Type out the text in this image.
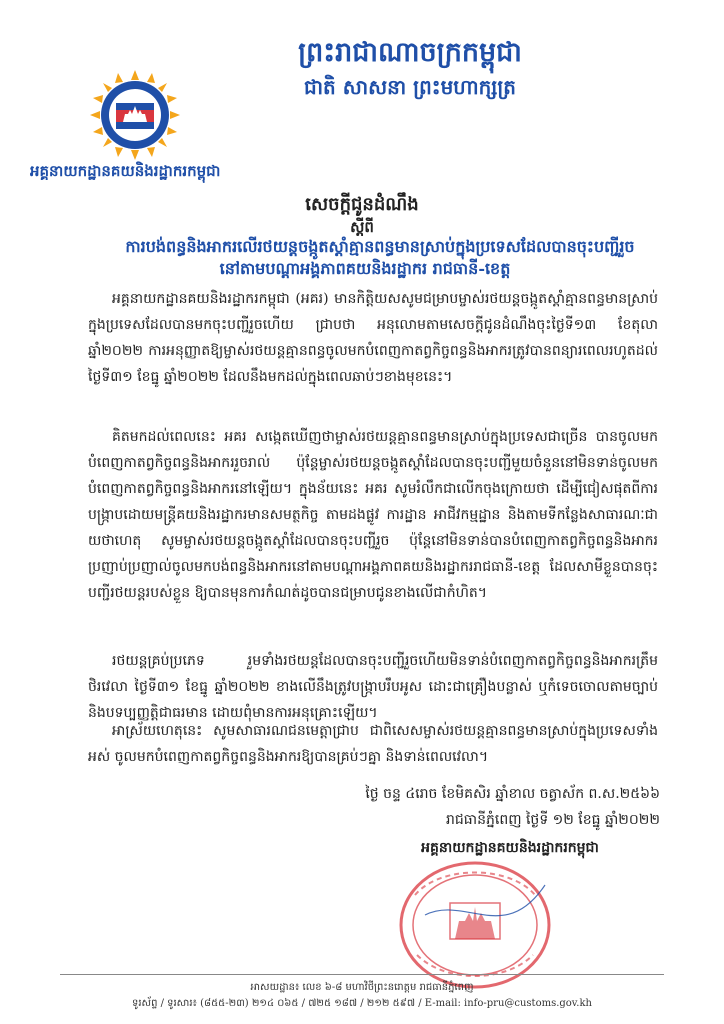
ព្រះរាជាណាចក្រកម្ពុជា
ជាតិ សាសនា ព្រះមហាក្សត្រ
អគ្គនាយកដ្ឋានគយនិងរដ្ឋាករកម្ពុជា
សេចក្តីជូនដំណឹង
ស្តីពី
ការបង់ពន្ធនិងអាករលើរថយន្តចង្កូតស្តាំគ្មានពន្ធមានស្រាប់ក្នុងប្រទេសដែលបានចុះបញ្ជីរួច
នៅតាមបណ្តាអង្គភាពគយនិងរដ្ឋាករ រាជធានី-ខេត្ត
អគ្គនាយកដ្ឋានគយនិងរដ្ឋាករកម្ពុជា (អគរ) មានកិត្តិយសសូមជម្រាបម្ចាស់រថយន្តចង្កូតស្តាំគ្មានពន្ធមានស្រាប់ក្នុងប្រទេសដែលបានមកចុះបញ្ជីរួចហើយ ជ្រាបថា អនុលោមតាមសេចក្តីជូនដំណឹងចុះថ្ងៃទី១៣ ខែតុលា ឆ្នាំ២០២២ ការអនុញ្ញាតឱ្យម្ចាស់រថយន្តគ្មានពន្ធចូលមកបំពេញកាតព្វកិច្ចពន្ធនិងអាករត្រូវបានពន្យារពេលរហូតដល់ ថ្ងៃទី៣១ ខែធ្នូ ឆ្នាំ២០២២ ដែលនឹងមកដល់ក្នុងពេលឆាប់ៗខាងមុខនេះ។
គិតមកដល់ពេលនេះ អគរ សង្កេតឃើញថាម្ចាស់រថយន្តគ្មានពន្ធមានស្រាប់ក្នុងប្រទេសជាច្រើន បានចូលមកបំពេញកាតព្វកិច្ចពន្ធនិងអាកររួចរាល់ ប៉ុន្តែម្ចាស់រថយន្តចង្កូតស្តាំដែលបានចុះបញ្ជីមួយចំនួននៅមិនទាន់ចូលមកបំពេញកាតព្វកិច្ចពន្ធនិងអាករនៅឡើយ។ ក្នុងន័យនេះ អគរ សូមរំលឹកជាលើកចុងក្រោយថា ដើម្បីជៀសផុតពីការបង្ក្រាបដោយមន្ត្រីគយនិងរដ្ឋាករមានសមត្ថកិច្ច តាមដងផ្លូវ ការដ្ឋាន អាជីវកម្មដ្ឋាន និងតាមទីកន្លែងសាធារណៈជាយថាហេតុ សូមម្ចាស់រថយន្តចង្កូតស្តាំដែលបានចុះបញ្ជីរួច ប៉ុន្តែនៅមិនទាន់បានបំពេញកាតព្វកិច្ចពន្ធនិងអាករ ប្រញាប់ប្រញាល់ចូលមកបង់ពន្ធនិងអាករនៅតាមបណ្តាអង្គភាពគយនិងរដ្ឋាកររាជធានី-ខេត្ត ដែលសាមីខ្លួនបានចុះបញ្ជីរថយន្តរបស់ខ្លួន ឱ្យបានមុនការកំណត់ដូចបានជម្រាបជូនខាងលើជាកំហិត។
រថយន្តគ្រប់ប្រភេទ រួមទាំងរថយន្តដែលបានចុះបញ្ជីរួចហើយមិនទាន់បំពេញកាតព្វកិច្ចពន្ធនិងអាករត្រឹមថិរវេលា ថ្ងៃទី៣១ ខែធ្នូ ឆ្នាំ២០២២ ខាងលើនឹងត្រូវបង្ក្រាបរឹបអូស ដោះជាគ្រឿងបន្លាស់ ឬកំទេចចោលតាមច្បាប់ និងបទប្បញ្ញត្តិជាធរមាន ដោយពុំមានការអនុគ្រោះឡើយ។
អាស្រ័យហេតុនេះ សូមសាធារណជនមេត្តាជ្រាប ជាពិសេសម្ចាស់រថយន្តគ្មានពន្ធមានស្រាប់ក្នុងប្រទេសទាំងអស់ ចូលមកបំពេញកាតព្វកិច្ចពន្ធនិងអាករឱ្យបានគ្រប់ៗគ្នា និងទាន់ពេលវេលា។
ថ្ងៃ ចន្ទ ៤រោច ខែមិគសិរ ឆ្នាំខាល ចត្វាស័ក ព.ស.២៥៦៦
រាជធានីភ្នំពេញ ថ្ងៃទី ១២ ខែធ្នូ ឆ្នាំ២០២២
អគ្គនាយកដ្ឋានគយនិងរដ្ឋាករកម្ពុជា
អាសយដ្ឋាន៖ លេខ ៦-៨ មហាវិថីព្រះនរោត្តម រាជធានីភ្នំពេញ
ទូរស័ព្ទ / ទូរសារ៖ (៨៥៥-២៣) ២១៤ ០៦៥ / ៧២៥ ១៨៧ / ២១២ ៥៩៧ / E-mail: info-pru@customs.gov.kh
